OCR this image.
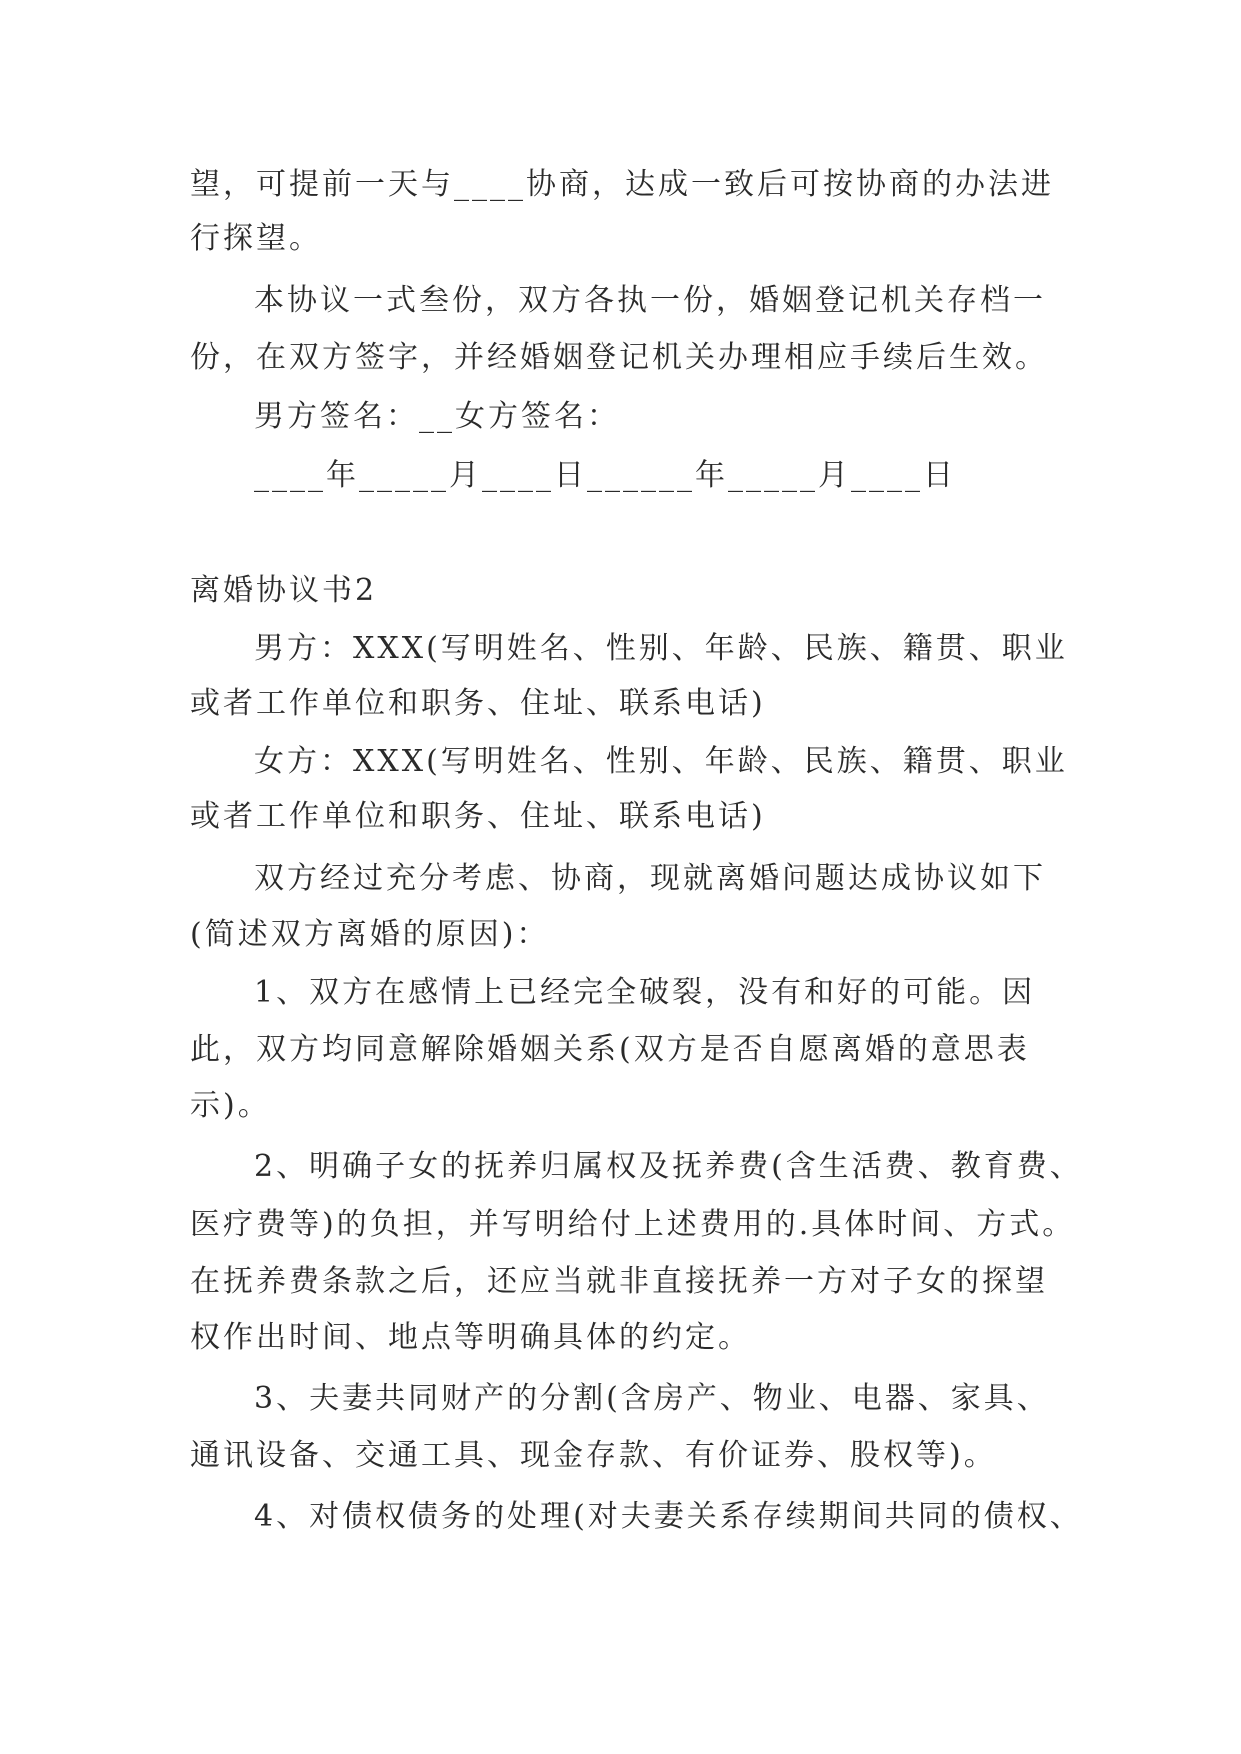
望，可提前一天与____协商，达成一致后可按协商的办法进
行探望。
本协议一式叁份，双方各执一份，婚姻登记机关存档一
份，在双方签字，并经婚姻登记机关办理相应手续后生效。
男方签名：__女方签名：
____年_____月____日______年_____月____日
离婚协议书2
男方：XXX(写明姓名、性别、年龄、民族、籍贯、职业
或者工作单位和职务、住址、联系电话)
女方：XXX(写明姓名、性别、年龄、民族、籍贯、职业
或者工作单位和职务、住址、联系电话)
双方经过充分考虑、协商，现就离婚问题达成协议如下
(简述双方离婚的原因)：
1、双方在感情上已经完全破裂，没有和好的可能。因
此，双方均同意解除婚姻关系(双方是否自愿离婚的意思表
示)。
2、明确子女的抚养归属权及抚养费(含生活费、教育费、
医疗费等)的负担，并写明给付上述费用的.具体时间、方式。
在抚养费条款之后，还应当就非直接抚养一方对子女的探望
权作出时间、地点等明确具体的约定。
3、夫妻共同财产的分割(含房产、物业、电器、家具、
通讯设备、交通工具、现金存款、有价证券、股权等)。
4、对债权债务的处理(对夫妻关系存续期间共同的债权、
